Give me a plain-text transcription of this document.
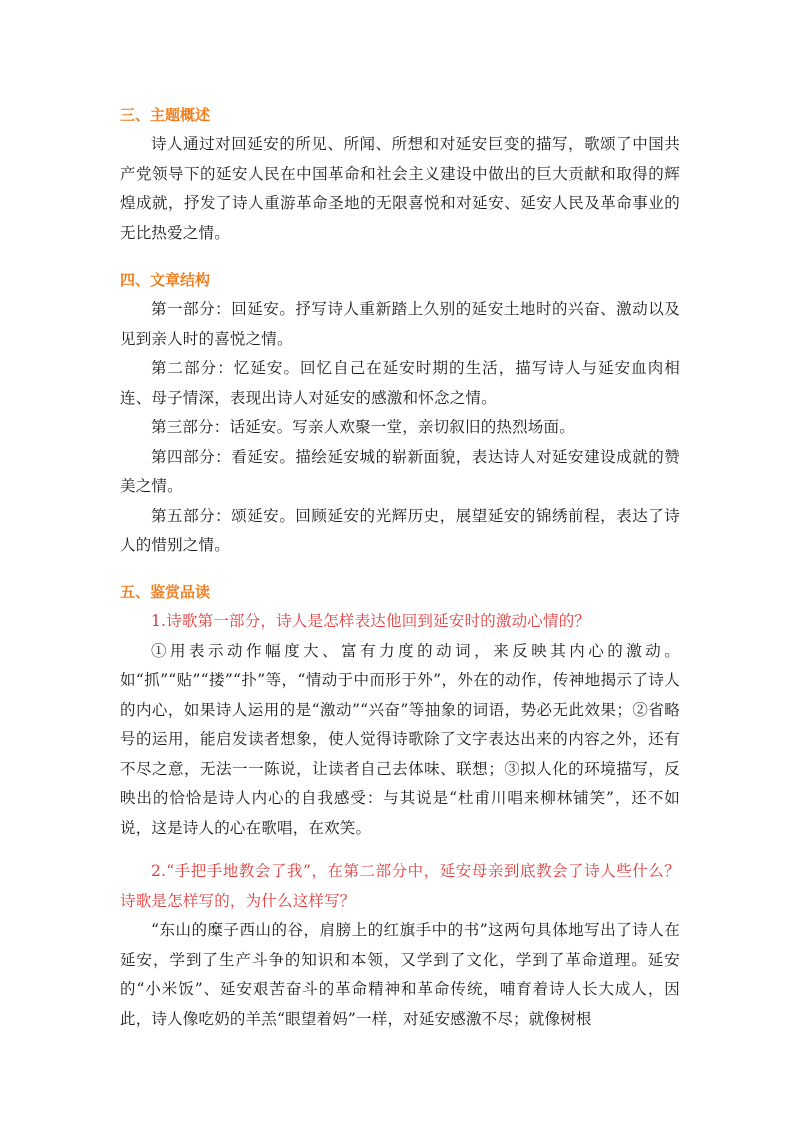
三、主题概述

诗人通过对回延安的所见、所闻、所想和对延安巨变的描写，歌颂了中国共产党领导下的延安人民在中国革命和社会主义建设中做出的巨大贡献和取得的辉煌成就，抒发了诗人重游革命圣地的无限喜悦和对延安、延安人民及革命事业的无比热爱之情。

四、文章结构

第一部分：回延安。抒写诗人重新踏上久别的延安土地时的兴奋、激动以及见到亲人时的喜悦之情。

第二部分：忆延安。回忆自己在延安时期的生活，描写诗人与延安血肉相连、母子情深，表现出诗人对延安的感激和怀念之情。

第三部分：话延安。写亲人欢聚一堂，亲切叙旧的热烈场面。

第四部分：看延安。描绘延安城的崭新面貌，表达诗人对延安建设成就的赞美之情。

第五部分：颂延安。回顾延安的光辉历史，展望延安的锦绣前程，表达了诗人的惜别之情。

五、鉴赏品读

1.诗歌第一部分，诗人是怎样表达他回到延安时的激动心情的？

①用表示动作幅度大、富有力度的动词，来反映其内心的激动。如“抓”“贴”“搂”“扑”等，“情动于中而形于外”，外在的动作，传神地揭示了诗人的内心，如果诗人运用的是“激动”“兴奋”等抽象的词语，势必无此效果；②省略号的运用，能启发读者想象，使人觉得诗歌除了文字表达出来的内容之外，还有不尽之意，无法一一陈说，让读者自己去体味、联想；③拟人化的环境描写，反映出的恰恰是诗人内心的自我感受：与其说是“杜甫川唱来柳林铺笑”，还不如说，这是诗人的心在歌唱，在欢笑。

2.“手把手地教会了我”，在第二部分中，延安母亲到底教会了诗人些什么？诗歌是怎样写的，为什么这样写？

“东山的糜子西山的谷，肩膀上的红旗手中的书”这两句具体地写出了诗人在延安，学到了生产斗争的知识和本领，又学到了文化，学到了革命道理。延安的“小米饭”、延安艰苦奋斗的革命精神和革命传统，哺育着诗人长大成人，因此，诗人像吃奶的羊羔“眼望着妈”一样，对延安感激不尽；就像树根
